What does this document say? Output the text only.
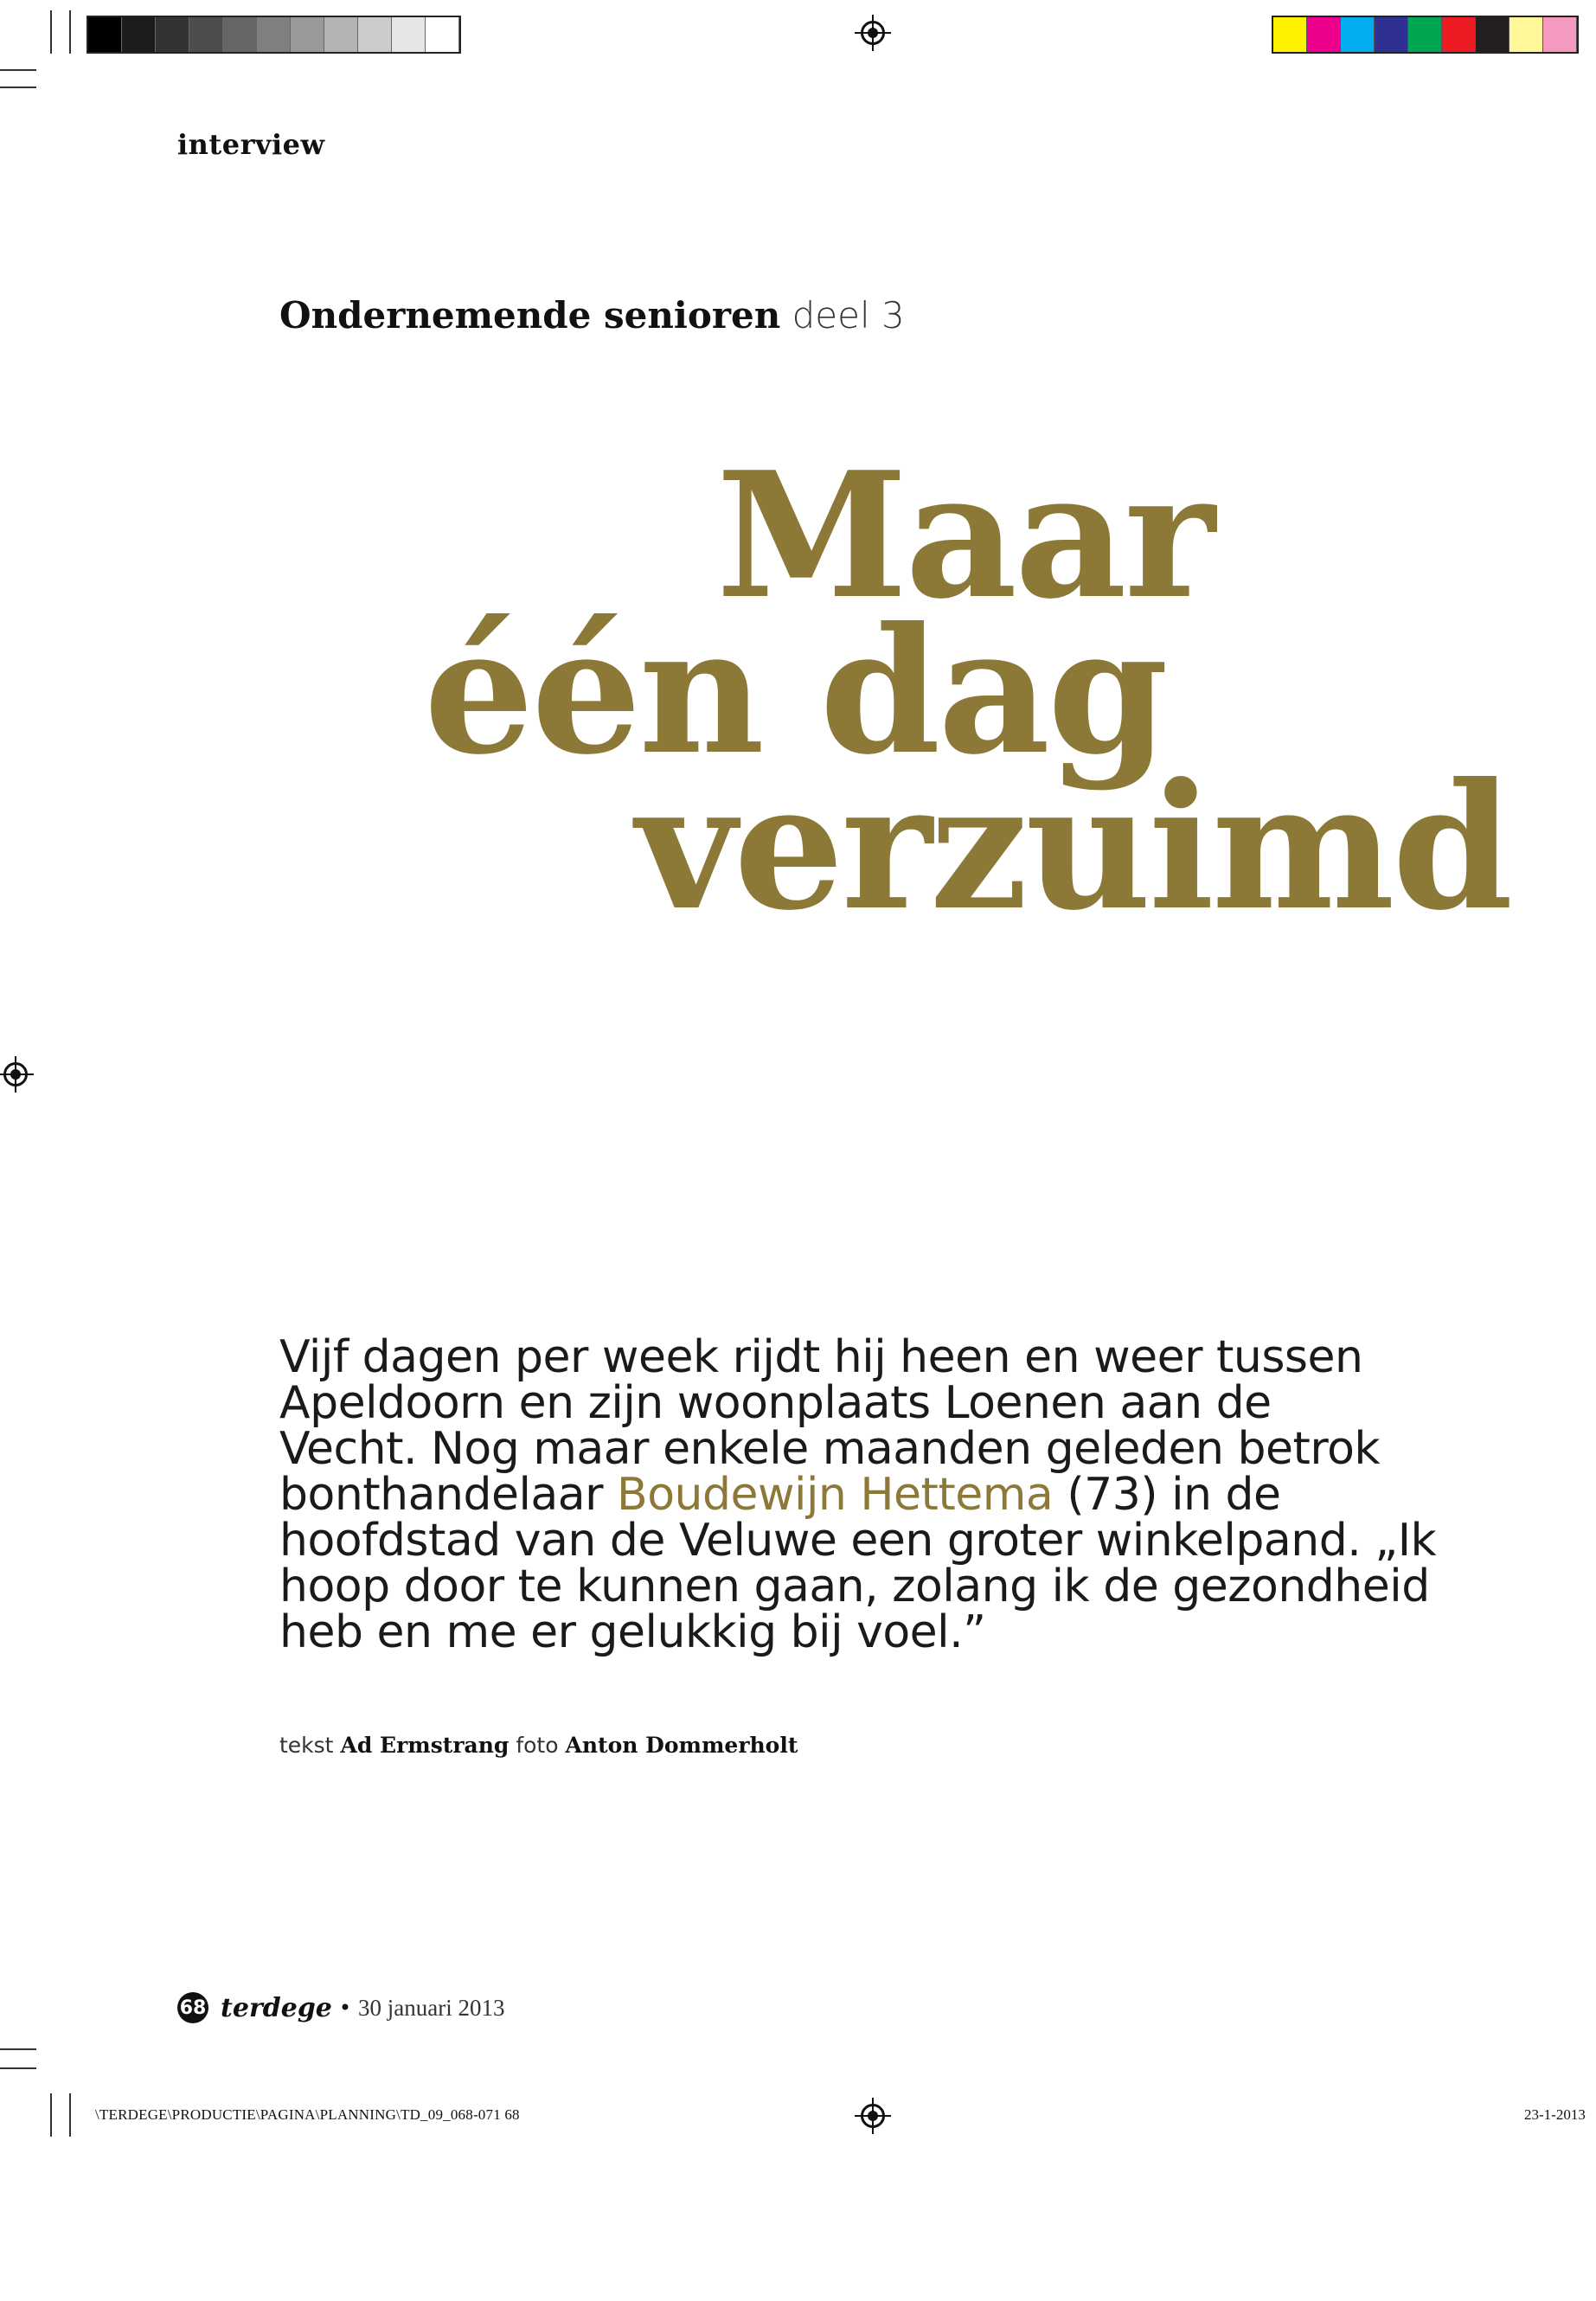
interview
Ondernemende senioren deel 3
Maar
één dag
verzuimd
Vijf dagen per week rijdt hij heen en weer tussen
Apeldoorn en zijn woonplaats Loenen aan de
Vecht. Nog maar enkele maanden geleden betrok
bonthandelaar Boudewijn Hettema (73) in de
hoofdstad van de Veluwe een groter winkelpand. „Ik
hoop door te kunnen gaan, zolang ik de gezondheid
heb en me er gelukkig bij voel.”
tekst Ad Ermstrang foto Anton Dommerholt
68 terdege • 30 januari 2013
\TERDEGE\PRODUCTIE\PAGINA\PLANNING\TD_09_068-071 68	23-1-2013
